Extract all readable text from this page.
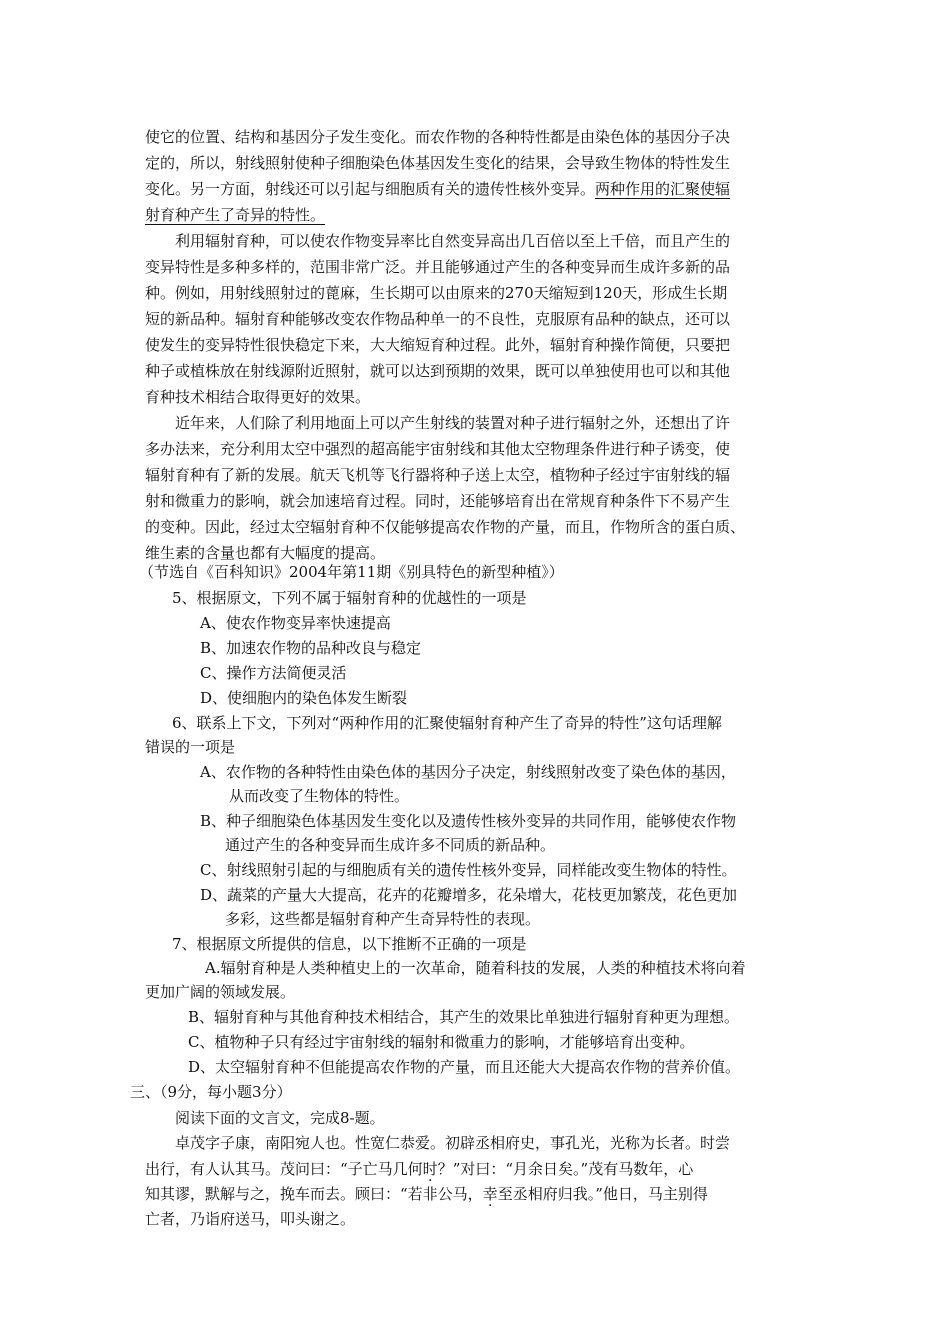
使它的位置、结构和基因分子发生变化。而农作物的各种特性都是由染色体的基因分子决
定的，所以，射线照射使种子细胞染色体基因发生变化的结果，会导致生物体的特性发生
变化。另一方面，射线还可以引起与细胞质有关的遗传性核外变异。两种作用的汇聚使辐
射育种产生了奇异的特性。
利用辐射育种，可以使农作物变异率比自然变异高出几百倍以至上千倍，而且产生的
变异特性是多种多样的，范围非常广泛。并且能够通过产生的各种变异而生成许多新的品
种。例如，用射线照射过的蓖麻，生长期可以由原来的270天缩短到120天，形成生长期
短的新品种。辐射育种能够改变农作物品种单一的不良性，克服原有品种的缺点，还可以
使发生的变异特性很快稳定下来，大大缩短育种过程。此外，辐射育种操作简便，只要把
种子或植株放在射线源附近照射，就可以达到预期的效果，既可以单独使用也可以和其他
育种技术相结合取得更好的效果。
近年来，人们除了利用地面上可以产生射线的装置对种子进行辐射之外，还想出了许
多办法来，充分利用太空中强烈的超高能宇宙射线和其他太空物理条件进行种子诱变，使
辐射育种有了新的发展。航天飞机等飞行器将种子送上太空，植物种子经过宇宙射线的辐
射和微重力的影响，就会加速培育过程。同时，还能够培育出在常规育种条件下不易产生
的变种。因此，经过太空辐射育种不仅能够提高农作物的产量，而且，作物所含的蛋白质、
维生素的含量也都有大幅度的提高。
（节选自《百科知识》2004年第11期《别具特色的新型种植》）
5、根据原文，下列不属于辐射育种的优越性的一项是
A、使农作物变异率快速提高
B、加速农作物的品种改良与稳定
C、操作方法简便灵活
D、使细胞内的染色体发生断裂
6、联系上下文，下列对“两种作用的汇聚使辐射育种产生了奇异的特性”这句话理解
错误的一项是
A、农作物的各种特性由染色体的基因分子决定，射线照射改变了染色体的基因，
从而改变了生物体的特性。
B、种子细胞染色体基因发生变化以及遗传性核外变异的共同作用，能够使农作物
通过产生的各种变异而生成许多不同质的新品种。
C、射线照射引起的与细胞质有关的遗传性核外变异，同样能改变生物体的特性。
D、蔬菜的产量大大提高，花卉的花瓣增多，花朵增大，花枝更加繁茂，花色更加
多彩，这些都是辐射育种产生奇异特性的表现。
7、根据原文所提供的信息，以下推断不正确的一项是
A.辐射育种是人类种植史上的一次革命，随着科技的发展，人类的种植技术将向着
更加广阔的领域发展。
B、辐射育种与其他育种技术相结合，其产生的效果比单独进行辐射育种更为理想。
C、植物种子只有经过宇宙射线的辐射和微重力的影响，才能够培育出变种。
D、太空辐射育种不但能提高农作物的产量，而且还能大大提高农作物的营养价值。
三、（9分，每小题3分）
阅读下面的文言文，完成8-题。
卓茂字子康，南阳宛人也。性宽仁恭爱。初辟丞相府史，事孔光，光称为长者。时尝
出行，有人认其马。茂问曰：“子亡马几何时？”对曰：“月余日矣。”茂有马数年，心
知其谬，默解与之，挽车而去。顾曰：“若非公马，幸至丞相府归我。”他日，马主别得
亡者，乃诣府送马，叩头谢之。
